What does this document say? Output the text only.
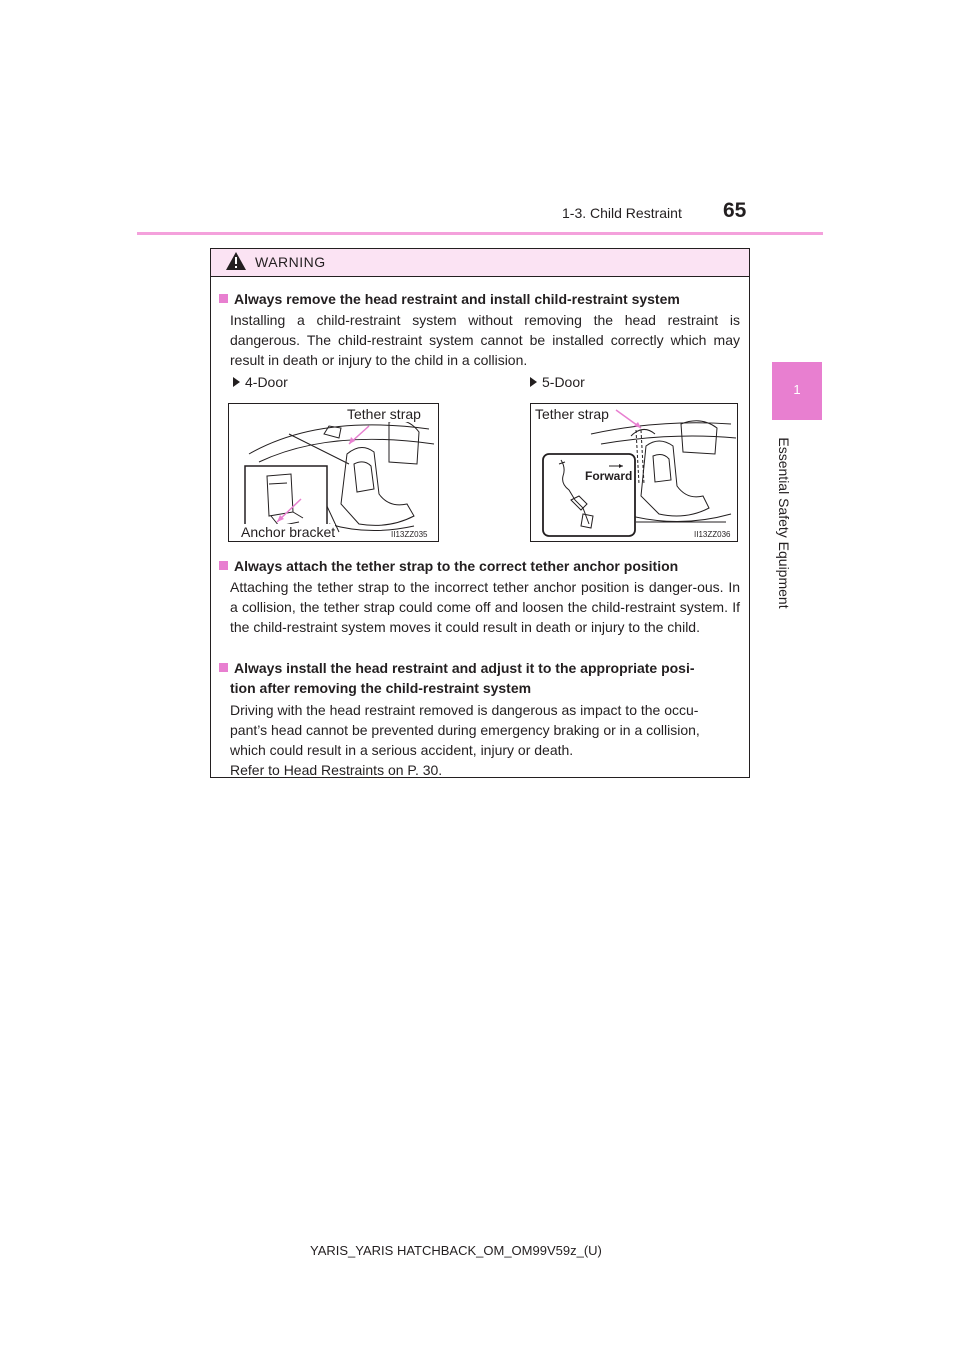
1-3. Child Restraint 65
1
Essential Safety Equipment
WARNING
Always remove the head restraint and install child-restraint system
Installing a child-restraint system without removing the head restraint is dangerous. The child-restraint system cannot be installed correctly which may result in death or injury to the child in a collision.
4-Door	5-Door
Tether strap
Anchor bracket	II13ZZ035
Tether strap
Forward
II13ZZ036
Always attach the tether strap to the correct tether anchor position
Attaching the tether strap to the incorrect tether anchor position is danger-ous. In a collision, the tether strap could come off and loosen the child-restraint system. If the child-restraint system moves it could result in death or injury to the child.
Always install the head restraint and adjust it to the appropriate posi-
tion after removing the child-restraint system
Driving with the head restraint removed is dangerous as impact to the occu-
pant’s head cannot be prevented during emergency braking or in a collision,
which could result in a serious accident, injury or death.
Refer to Head Restraints on P. 30.
YARIS_YARIS HATCHBACK_OM_OM99V59z_(U)
